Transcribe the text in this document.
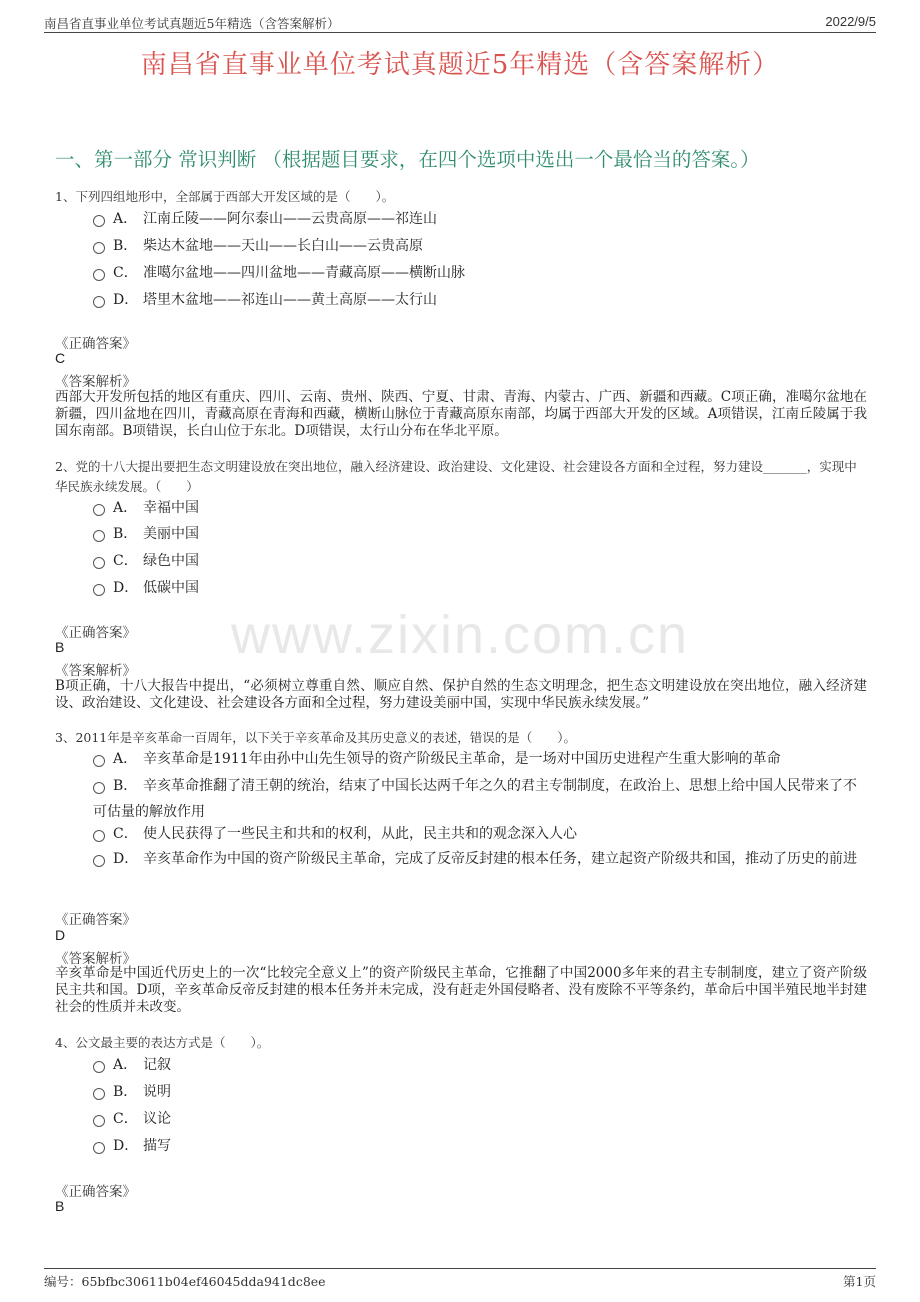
南昌省直事业单位考试真题近5年精选（含答案解析）	2022/9/5
南昌省直事业单位考试真题近5年精选（含答案解析）
一、第一部分 常识判断 （根据题目要求，在四个选项中选出一个最恰当的答案。）
www.zixin.com.cn
1、下列四组地形中，全部属于西部大开发区域的是（　　）。
A． 江南丘陵——阿尔泰山——云贵高原——祁连山
B． 柴达木盆地——天山——长白山——云贵高原
C． 准噶尔盆地——四川盆地——青藏高原——横断山脉
D． 塔里木盆地——祁连山——黄土高原——太行山
《正确答案》
C
《答案解析》
西部大开发所包括的地区有重庆、四川、云南、贵州、陕西、宁夏、甘肃、青海、内蒙古、广西、新疆和西藏。C项正确，准噶尔盆地在新疆，四川盆地在四川，青藏高原在青海和西藏，横断山脉位于青藏高原东南部，均属于西部大开发的区域。A项错误，江南丘陵属于我国东南部。B项错误，长白山位于东北。D项错误，太行山分布在华北平原。
2、党的十八大提出要把生态文明建设放在突出地位，融入经济建设、政治建设、文化建设、社会建设各方面和全过程，努力建设_______，实现中华民族永续发展。（　　）
A． 幸福中国
B． 美丽中国
C． 绿色中国
D． 低碳中国
《正确答案》
B
《答案解析》
B项正确，十八大报告中提出，“必须树立尊重自然、顺应自然、保护自然的生态文明理念，把生态文明建设放在突出地位，融入经济建设、政治建设、文化建设、社会建设各方面和全过程，努力建设美丽中国，实现中华民族永续发展。”
3、2011年是辛亥革命一百周年，以下关于辛亥革命及其历史意义的表述，错误的是（　　）。
A． 辛亥革命是1911年由孙中山先生领导的资产阶级民主革命，是一场对中国历史进程产生重大影响的革命
B． 辛亥革命推翻了清王朝的统治，结束了中国长达两千年之久的君主专制制度，在政治上、思想上给中国人民带来了不可估量的解放作用
C． 使人民获得了一些民主和共和的权利，从此，民主共和的观念深入人心
D． 辛亥革命作为中国的资产阶级民主革命，完成了反帝反封建的根本任务，建立起资产阶级共和国，推动了历史的前进
《正确答案》
D
《答案解析》
辛亥革命是中国近代历史上的一次“比较完全意义上”的资产阶级民主革命，它推翻了中国2000多年来的君主专制制度，建立了资产阶级民主共和国。D项，辛亥革命反帝反封建的根本任务并未完成，没有赶走外国侵略者、没有废除不平等条约，革命后中国半殖民地半封建社会的性质并未改变。
4、公文最主要的表达方式是（　　）。
A． 记叙
B． 说明
C． 议论
D． 描写
《正确答案》
B
编号：65bfbc30611b04ef46045dda941dc8ee	第1页
